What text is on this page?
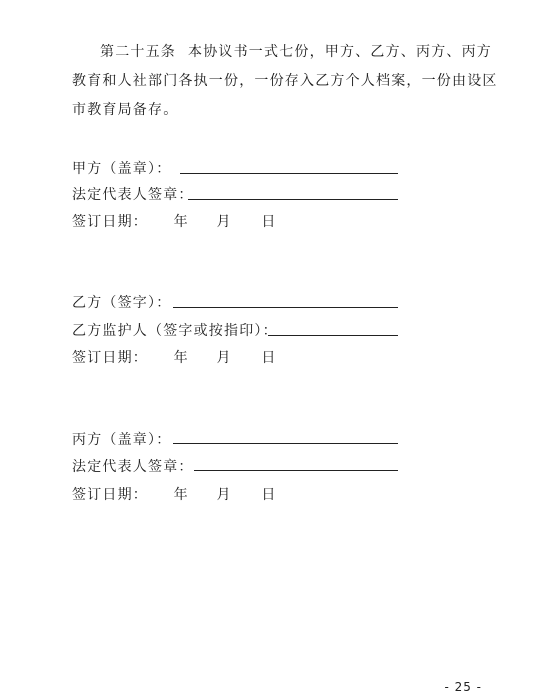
第二十五条 本协议书一式七份，甲方、乙方、丙方、丙方
教育和人社部门各执一份，一份存入乙方个人档案，一份由设区
市教育局备存。
甲方（盖章）：
法定代表人签章：
签订日期： 年 月 日
乙方（签字）：
乙方监护人（签字或按指印）：
签订日期： 年 月 日
丙方（盖章）：
法定代表人签章：
签订日期： 年 月 日
- 25 -
